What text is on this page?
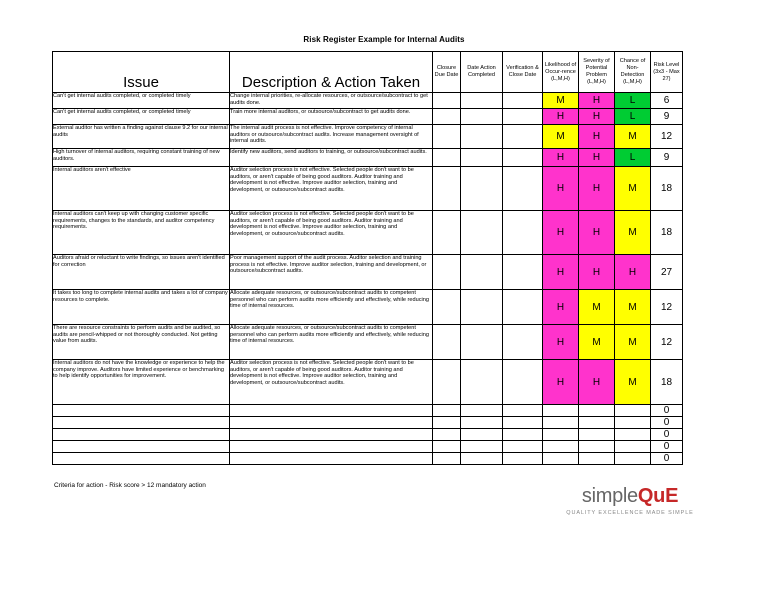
Risk Register Example for Internal Audits
Issue	Description & Action Taken	Closure Due Date	Date Action Completed	Verification & Close Date	Likelihood of Occur-rence (L,M,H)	Severity of Potential Problem (L,M,H)	Chance of Non-Detection (L,M,H)	Risk Level (3x3 - Max 27)
Can't get internal audits completed, or completed timely	Change internal priorities, re-allocate resources, or outsource/subcontract to get audits done.				M	H	L	6
Can't get internal audits completed, or completed timely	Train more internal auditors, or outsource/subcontract to get audits done.				H	H	L	9
External auditor has written a finding against clause 9.2 for our internal audits	The internal audit process is not effective. Improve competency of internal auditors or outsource/subcontract audits. Increase management oversight of internal audits.				M	H	M	12
High turnover of internal auditors, requiring constant training of new auditors.	Identify new auditors, send auditors to training, or outsource/subcontract audits.				H	H	L	9
Internal auditors aren't effective	Auditor selection process is not effective. Selected people don't want to be auditors, or aren't capable of being good auditors. Auditor training and development is not effective. Improve auditor selection, training and development, or outsource/subcontract audits.				H	H	M	18
Internal auditors can't keep up with changing customer specific requirements, changes to the standards, and auditor competency requirements.	Auditor selection process is not effective. Selected people don't want to be auditors, or aren't capable of being good auditors. Auditor training and development is not effective. Improve auditor selection, training and development, or outsource/subcontract audits.				H	H	M	18
Auditors afraid or reluctant to write findings, so issues aren't identified for correction	Poor management support of the audit process. Auditor selection and training process is not effective. Improve auditor selection, training and development, or outsource/subcontract audits.				H	H	H	27
It takes too long to complete internal audits and takes a lot of company resources to complete.	Allocate adequate resources, or outsource/subcontract audits to competent personnel who can perform audits more efficiently and effectively, while reducing time of internal resources.				H	M	M	12
There are resource constraints to perform audits and be audited, so audits are pencil-whipped or not thoroughly conducted. Not getting value from audits.	Allocate adequate resources, or outsource/subcontract audits to competent personnel who can perform audits more efficiently and effectively, while reducing time of internal resources.				H	M	M	12
Internal auditors do not have the knowledge or experience to help the company improve. Auditors have limited experience or benchmarking to help identify opportunities for improvement.	Auditor selection process is not effective. Selected people don't want to be auditors, or aren't capable of being good auditors. Auditor training and development is not effective. Improve auditor selection, training and development, or outsource/subcontract audits.				H	H	M	18
								0
								0
								0
								0
								0
Criteria for action - Risk score > 12 mandatory action	simpleQuE
QUALITY EXCELLENCE MADE SIMPLE
